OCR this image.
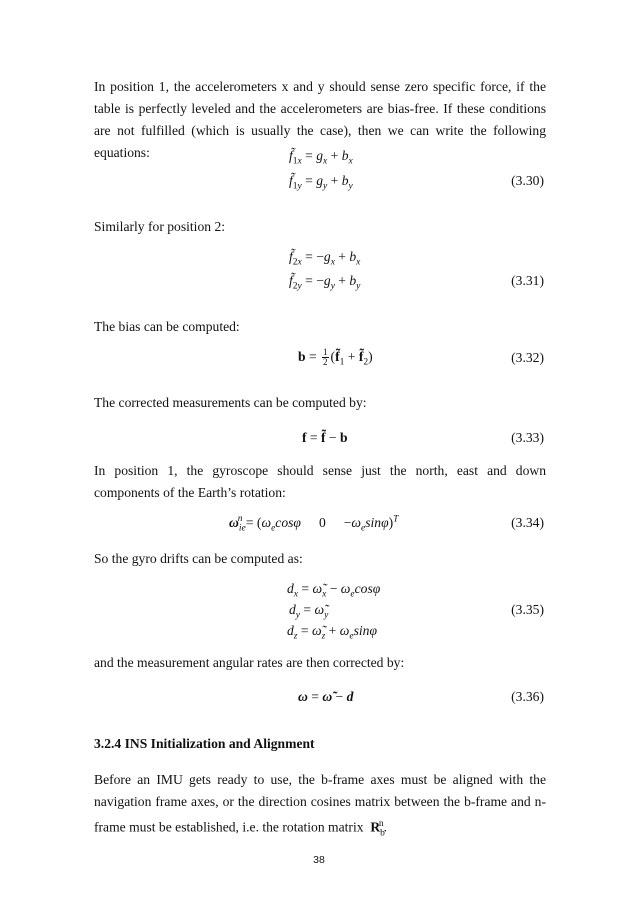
In position 1, the accelerometers x and y should sense zero specific force, if the table is perfectly leveled and the accelerometers are bias-free. If these conditions are not fulfilled (which is usually the case), then we can write the following equations:	$f̃_{1x} = g_x + b_x$
$f̃_{1y} = g_y + b_y$	(3.30)

Similarly for position 2:

$f̃_{2x} = -g_x + b_x$
$f̃_{2y} = -g_y + b_y$	(3.31)

The bias can be computed:

$b = \frac{1}{2}$ ($f̃_1$ + $f̃_2$)	(3.32)

The corrected measurements can be computed by:

f = f̃ − b	(3.33)

In position 1, the gyroscope should sense just the north, east and down components of the Earth’s rotation:

$\omega_{ie}^n = (\omega_e\cos\varphi$ $0 -\omega_e\sin\varphi)^T$	(3.34)

So the gyro drifts can be computed as:

$d_x$ = $\omegã_x - \omega_e\cos\varphi$
$d_y$ = $\omegã_y$
$d_z$ = $\omegã_z + \omega_e\sin\varphi$
(3.35)

and the measurement angular rates are then corrected by:

ω = ω̃ − d	(3.36)
3.2.4 INS Initialization and Alignment

Before an IMU gets ready to use, the b-frame axes must be aligned with the navigation frame axes, or the direction cosines matrix between the b-frame and n-frame must be established, i.e. the rotation matrix $R_b^n$.

38
